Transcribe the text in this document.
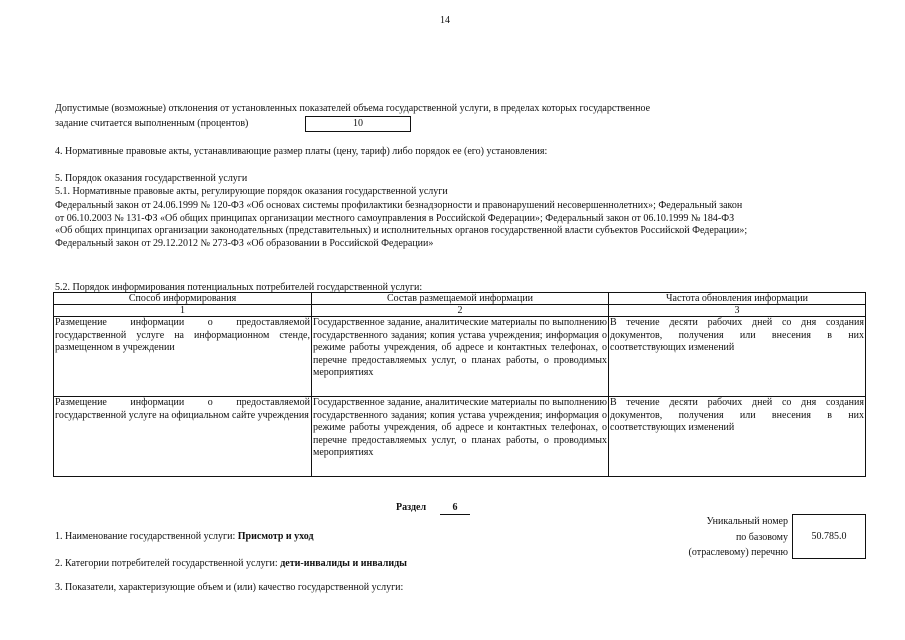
14
Допустимые (возможные) отклонения от установленных показателей объема государственной услуги, в пределах которых государственное
задание считается выполненным (процентов)	10
4. Нормативные правовые акты, устанавливающие размер платы (цену, тариф) либо порядок ее (его) установления:
5. Порядок оказания государственной услуги
5.1. Нормативные правовые акты, регулирующие порядок оказания государственной услуги
Федеральный закон от 24.06.1999 № 120-ФЗ «Об основах системы профилактики безнадзорности и правонарушений несовершеннолетних»; Федеральный закон
от 06.10.2003 № 131-ФЗ «Об общих принципах организации местного самоуправления в Российской Федерации»; Федеральный закон от 06.10.1999 № 184-ФЗ
«Об общих принципах организации законодательных (представительных) и исполнительных органов государственной власти субъектов Российской Федерации»;
Федеральный закон от 29.12.2012 № 273-ФЗ «Об образовании в Российской Федерации»
5.2. Порядок информирования потенциальных потребителей государственной услуги:
Способ информирования	Состав размещаемой информации	Частота обновления информации
1	2	3

Размещение информации о предоставляемой государственной услуге на информационном стенде, размещенном в учреждении	Государственное задание, аналитические материалы по выполнению государственного задания; копия устава учреждения; информация о режиме работы учреждения, об адресе и контактных телефонах, о перечне предоставляемых услуг, о планах работы, о проводимых мероприятиях	В течение десяти рабочих дней со дня создания документов, получения или внесения в них соответствующих изменений

Размещение информации о предоставляемой государственной услуге на официальном сайте учреждения	Государственное задание, аналитические материалы по выполнению государственного задания; копия устава учреждения; информация о режиме работы учреждения, об адресе и контактных телефонах, о перечне предоставляемых услуг, о планах работы, о проводимых мероприятиях	В течение десяти рабочих дней со дня создания документов, получения или внесения в них соответствующих изменений
Раздел	6
Уникальный номер
по базовому
(отраслевому) перечню
50.785.0
1. Наименование государственной услуги: Присмотр и уход
2. Категории потребителей государственной услуги: дети-инвалиды и инвалиды
3. Показатели, характеризующие объем и (или) качество государственной услуги:
